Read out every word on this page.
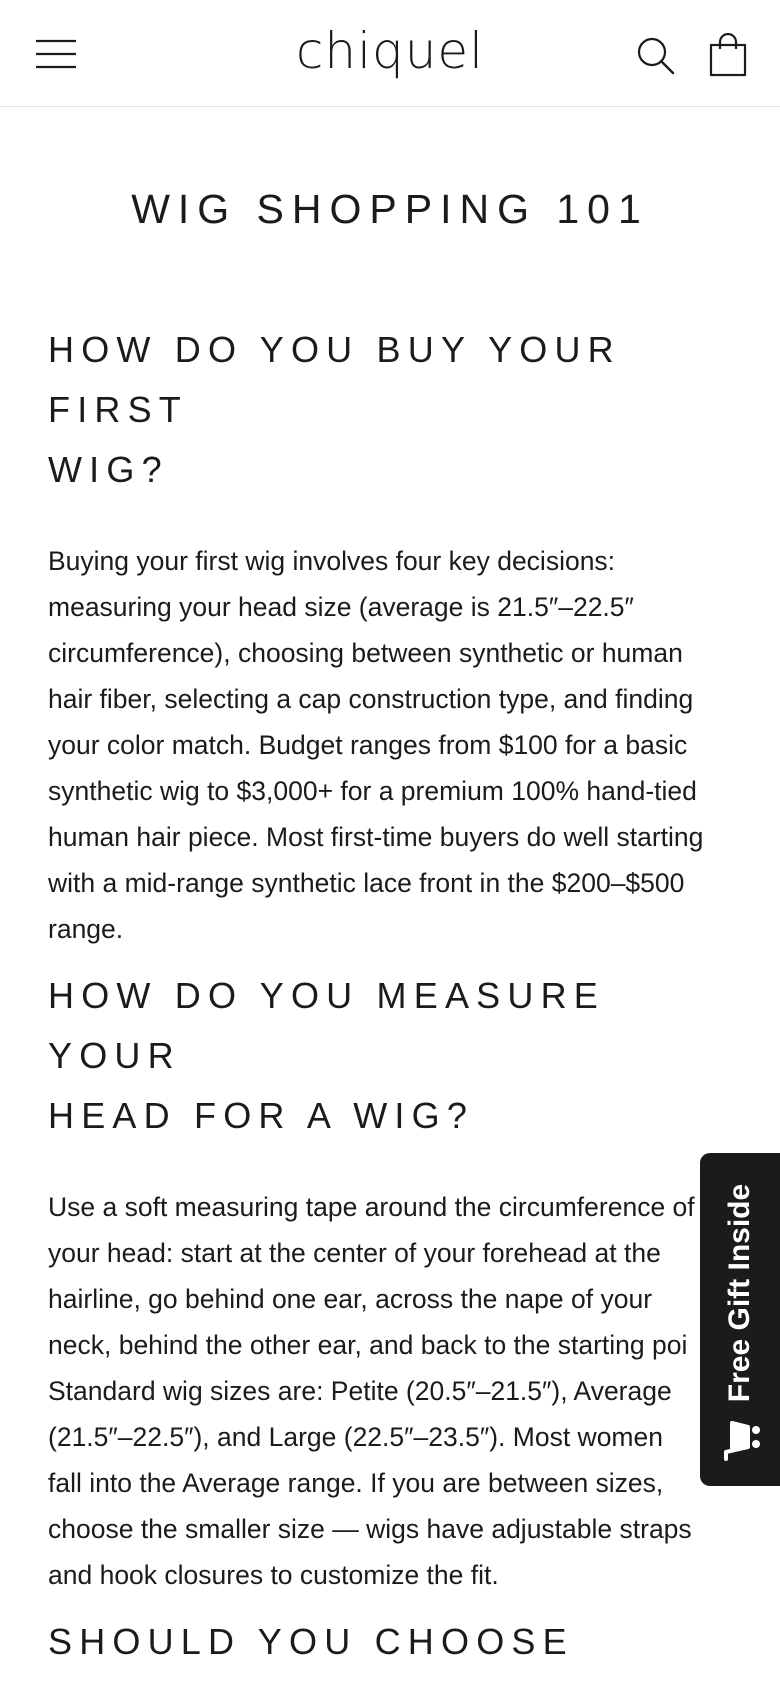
chiquel
WIG SHOPPING 101
HOW DO YOU BUY YOUR FIRST
WIG?

Buying your first wig involves four key decisions:
measuring your head size (average is 21.5″–22.5″
circumference), choosing between synthetic or human
hair fiber, selecting a cap construction type, and finding
your color match. Budget ranges from $100 for a basic
synthetic wig to $3,000+ for a premium 100% hand-tied
human hair piece. Most first-time buyers do well starting
with a mid-range synthetic lace front in the $200–$500
range.

HOW DO YOU MEASURE YOUR
HEAD FOR A WIG?

Use a soft measuring tape around the circumference of
your head: start at the center of your forehead at the
hairline, go behind one ear, across the nape of your
neck, behind the other ear, and back to the starting poi
Standard wig sizes are: Petite (20.5″–21.5″), Average
(21.5″–22.5″), and Large (22.5″–23.5″). Most women
fall into the Average range. If you are between sizes,
choose the smaller size — wigs have adjustable straps
and hook closures to customize the fit.

SHOULD YOU CHOOSE
Free Gift Inside
